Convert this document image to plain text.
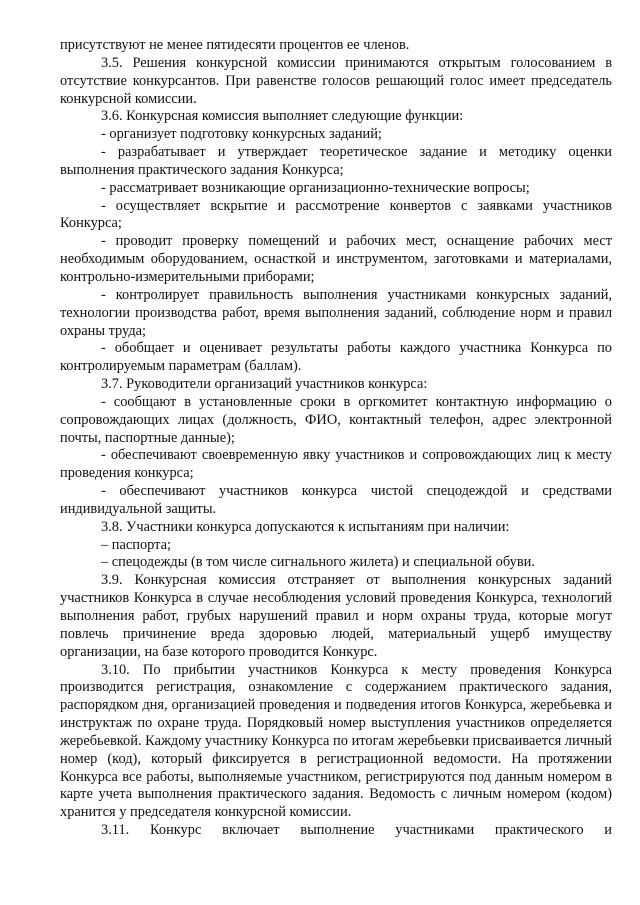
присутствуют не менее пятидесяти процентов ее членов.

3.5. Решения конкурсной комиссии принимаются открытым голосованием в отсутствие конкурсантов. При равенстве голосов решающий голос имеет председатель конкурсной комиссии.

3.6. Конкурсная комиссия выполняет следующие функции:

- организует подготовку конкурсных заданий;

- разрабатывает и утверждает теоретическое задание и методику оценки выполнения практического задания Конкурса;

- рассматривает возникающие организационно-технические вопросы;

- осуществляет вскрытие и рассмотрение конвертов с заявками участников Конкурса;

- проводит проверку помещений и рабочих мест, оснащение рабочих мест необходимым оборудованием, оснасткой и инструментом, заготовками и материалами, контрольно-измерительными приборами;

- контролирует правильность выполнения участниками конкурсных заданий, технологии производства работ, время выполнения заданий, соблюдение норм и правил охраны труда;

- обобщает и оценивает результаты работы каждого участника Конкурса по контролируемым параметрам (баллам).

3.7. Руководители организаций участников конкурса:

- сообщают в установленные сроки в оргкомитет контактную информацию о сопровождающих лицах (должность, ФИО, контактный телефон, адрес электронной почты, паспортные данные);

- обеспечивают своевременную явку участников и сопровождающих лиц к месту проведения конкурса;

- обеспечивают участников конкурса чистой спецодеждой и средствами индивидуальной защиты.

3.8. Участники конкурса допускаются к испытаниям при наличии:

– паспорта;

– спецодежды (в том числе сигнального жилета) и специальной обуви.

3.9. Конкурсная комиссия отстраняет от выполнения конкурсных заданий участников Конкурса в случае несоблюдения условий проведения Конкурса, технологий выполнения работ, грубых нарушений правил и норм охраны труда, которые могут повлечь причинение вреда здоровью людей, материальный ущерб имуществу организации, на базе которого проводится Конкурс.

3.10. По прибытии участников Конкурса к месту проведения Конкурса производится регистрация, ознакомление с содержанием практического задания, распорядком дня, организацией проведения и подведения итогов Конкурса, жеребьевка и инструктаж по охране труда. Порядковый номер выступления участников определяется жеребьевкой. Каждому участнику Конкурса по итогам жеребьевки присваивается личный номер (код), который фиксируется в регистрационной ведомости. На протяжении Конкурса все работы, выполняемые участником, регистрируются под данным номером в карте учета выполнения практического задания. Ведомость с личным номером (кодом) хранится у председателя конкурсной комиссии.

3.11. Конкурс включает выполнение участниками практического и
